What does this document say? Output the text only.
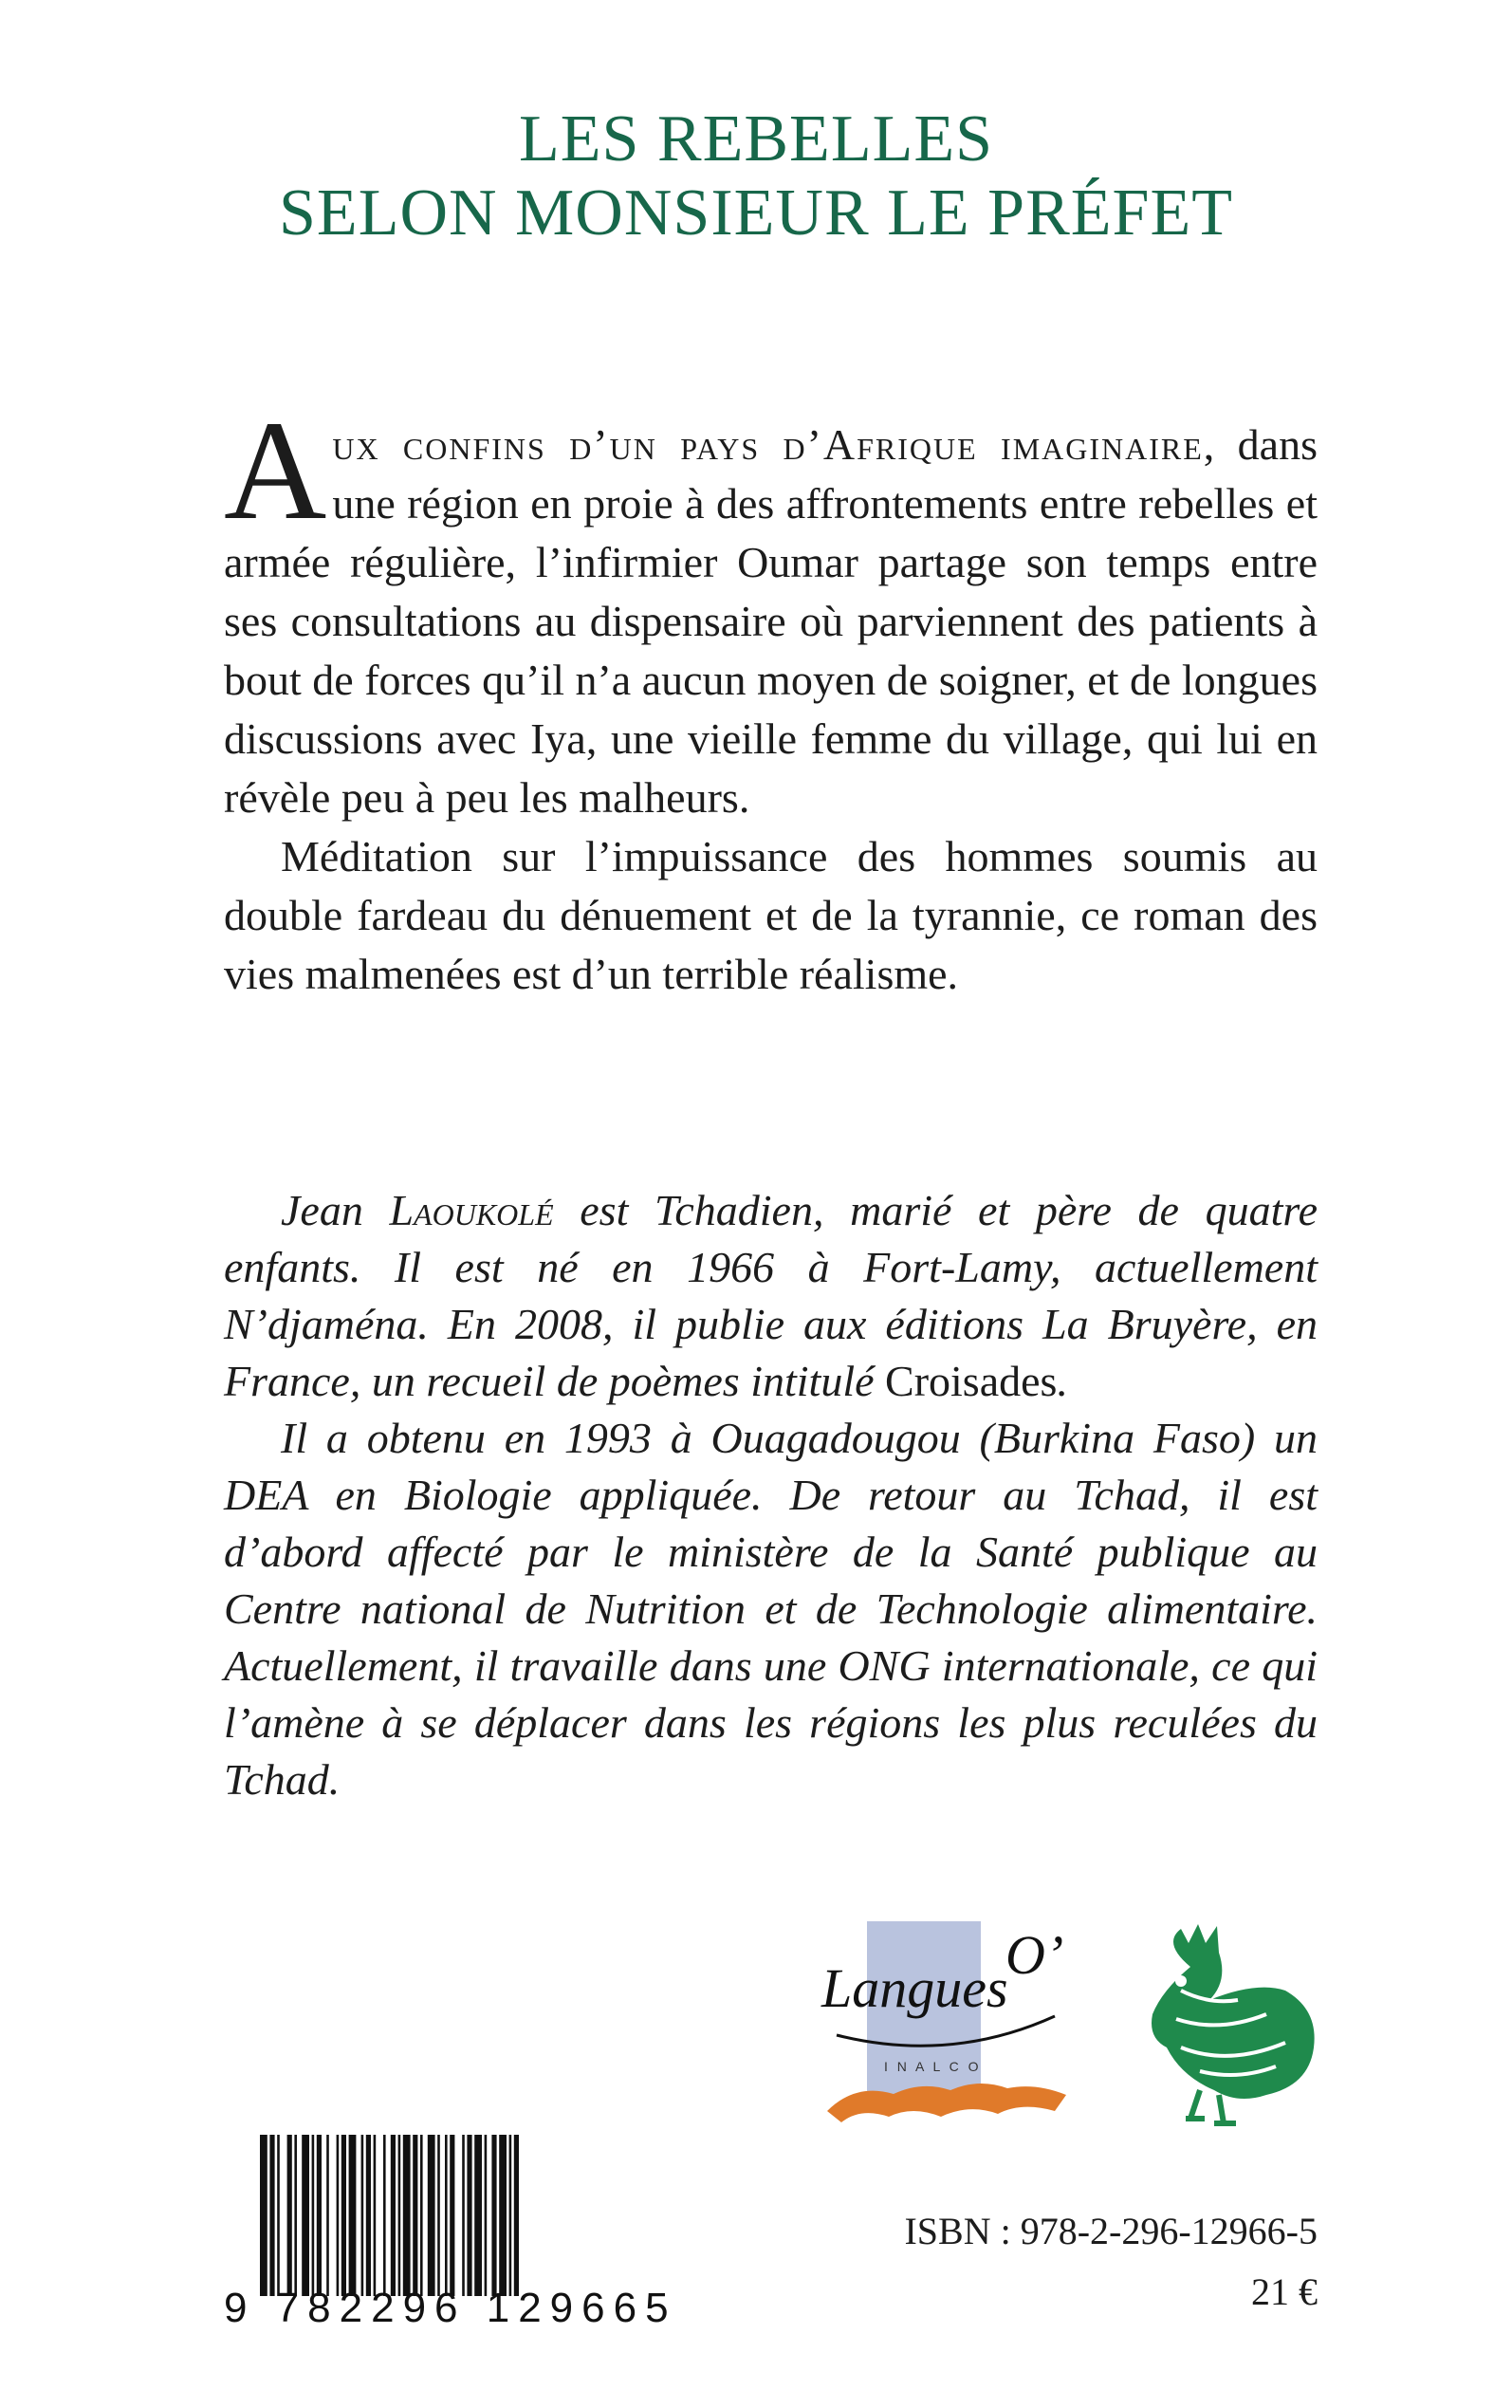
LES REBELLES
SELON MONSIEUR LE PRÉFET

Aux confins d’un pays d’Afrique imaginaire, dans une région en proie à des affrontements entre rebelles et armée régulière, l’infirmier Oumar partage son temps entre ses consultations au dispensaire où parviennent des patients à bout de forces qu’il n’a aucun moyen de soigner, et de longues discussions avec Iya, une vieille femme du village, qui lui en révèle peu à peu les malheurs.

Méditation sur l’impuissance des hommes soumis au double fardeau du dénuement et de la tyrannie, ce roman des vies malmenées est d’un terrible réalisme.

Jean Laoukolé est Tchadien, marié et père de quatre enfants. Il est né en 1966 à Fort-Lamy, actuellement N’djaména. En 2008, il publie aux éditions La Bruyère, en France, un recueil de poèmes intitulé Croisades.

Il a obtenu en 1993 à Ouagadougou (Burkina Faso) un DEA en Biologie appliquée. De retour au Tchad, il est d’abord affecté par le ministère de la Santé publique au Centre national de Nutrition et de Technologie alimentaire. Actuellement, il travaille dans une ONG internationale, ce qui l’amène à se déplacer dans les régions les plus reculées du Tchad.

Langues
O’
I N A L C O
9 782296 129665
ISBN : 978-2-296-12966-5
21 €
